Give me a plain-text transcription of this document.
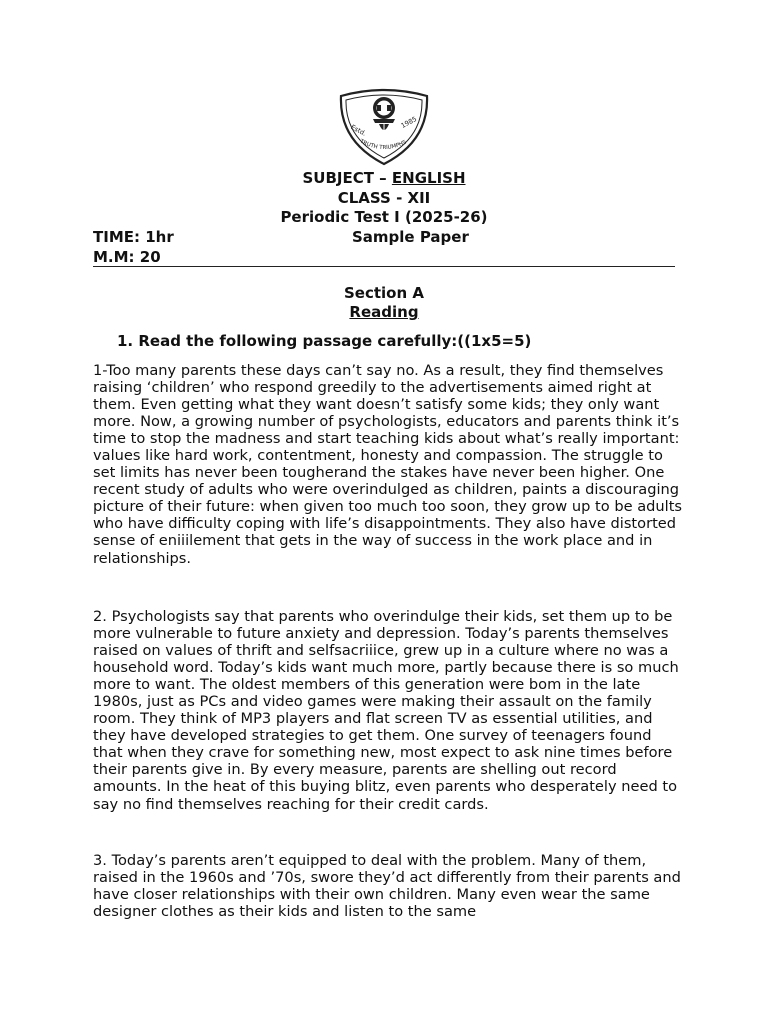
Estd.
1985
TRUTH TRIUMPHS
SUBJECT – ENGLISH
CLASS - XII
Periodic Test I (2025-26)
TIME: 1hr	Sample Paper
M.M: 20
Section A
Reading
1. Read the following passage carefully:((1x5=5)

1-Too many parents these days can’t say no. As a result, they find themselves raising ‘children’ who respond greedily to the advertisements aimed right at them. Even getting what they want doesn’t satisfy some kids; they only want more. Now, a growing number of psychologists, educators and parents think it’s time to stop the madness and start teaching kids about what’s really important: values like hard work, contentment, honesty and compassion. The struggle to set limits has never been tougherand the stakes have never been higher. One recent study of adults who were overindulged as children, paints a discouraging picture of their future: when given too much too soon, they grow up to be adults who have difficulty coping with life’s disappointments. They also have distorted sense of eniiilement that gets in the way of success in the work place and in relationships.

2. Psychologists say that parents who overindulge their kids, set them up to be more vulnerable to future anxiety and depression. Today’s parents themselves raised on values of thrift and selfsacriiice, grew up in a culture where no was a household word. Today’s kids want much more, partly because there is so much more to want. The oldest members of this generation were bom in the late 1980s, just as PCs and video games were making their assault on the family room. They think of MP3 players and flat screen TV as essential utilities, and they have developed strategies to get them. One survey of teenagers found that when they crave for something new, most expect to ask nine times before their parents give in. By every measure, parents are shelling out record amounts. In the heat of this buying blitz, even parents who desperately need to say no find themselves reaching for their credit cards.

3. Today’s parents aren’t equipped to deal with the problem. Many of them, raised in the 1960s and ’70s, swore they’d act differently from their parents and have closer relationships with their own children. Many even wear the same designer clothes as their kids and listen to the same
